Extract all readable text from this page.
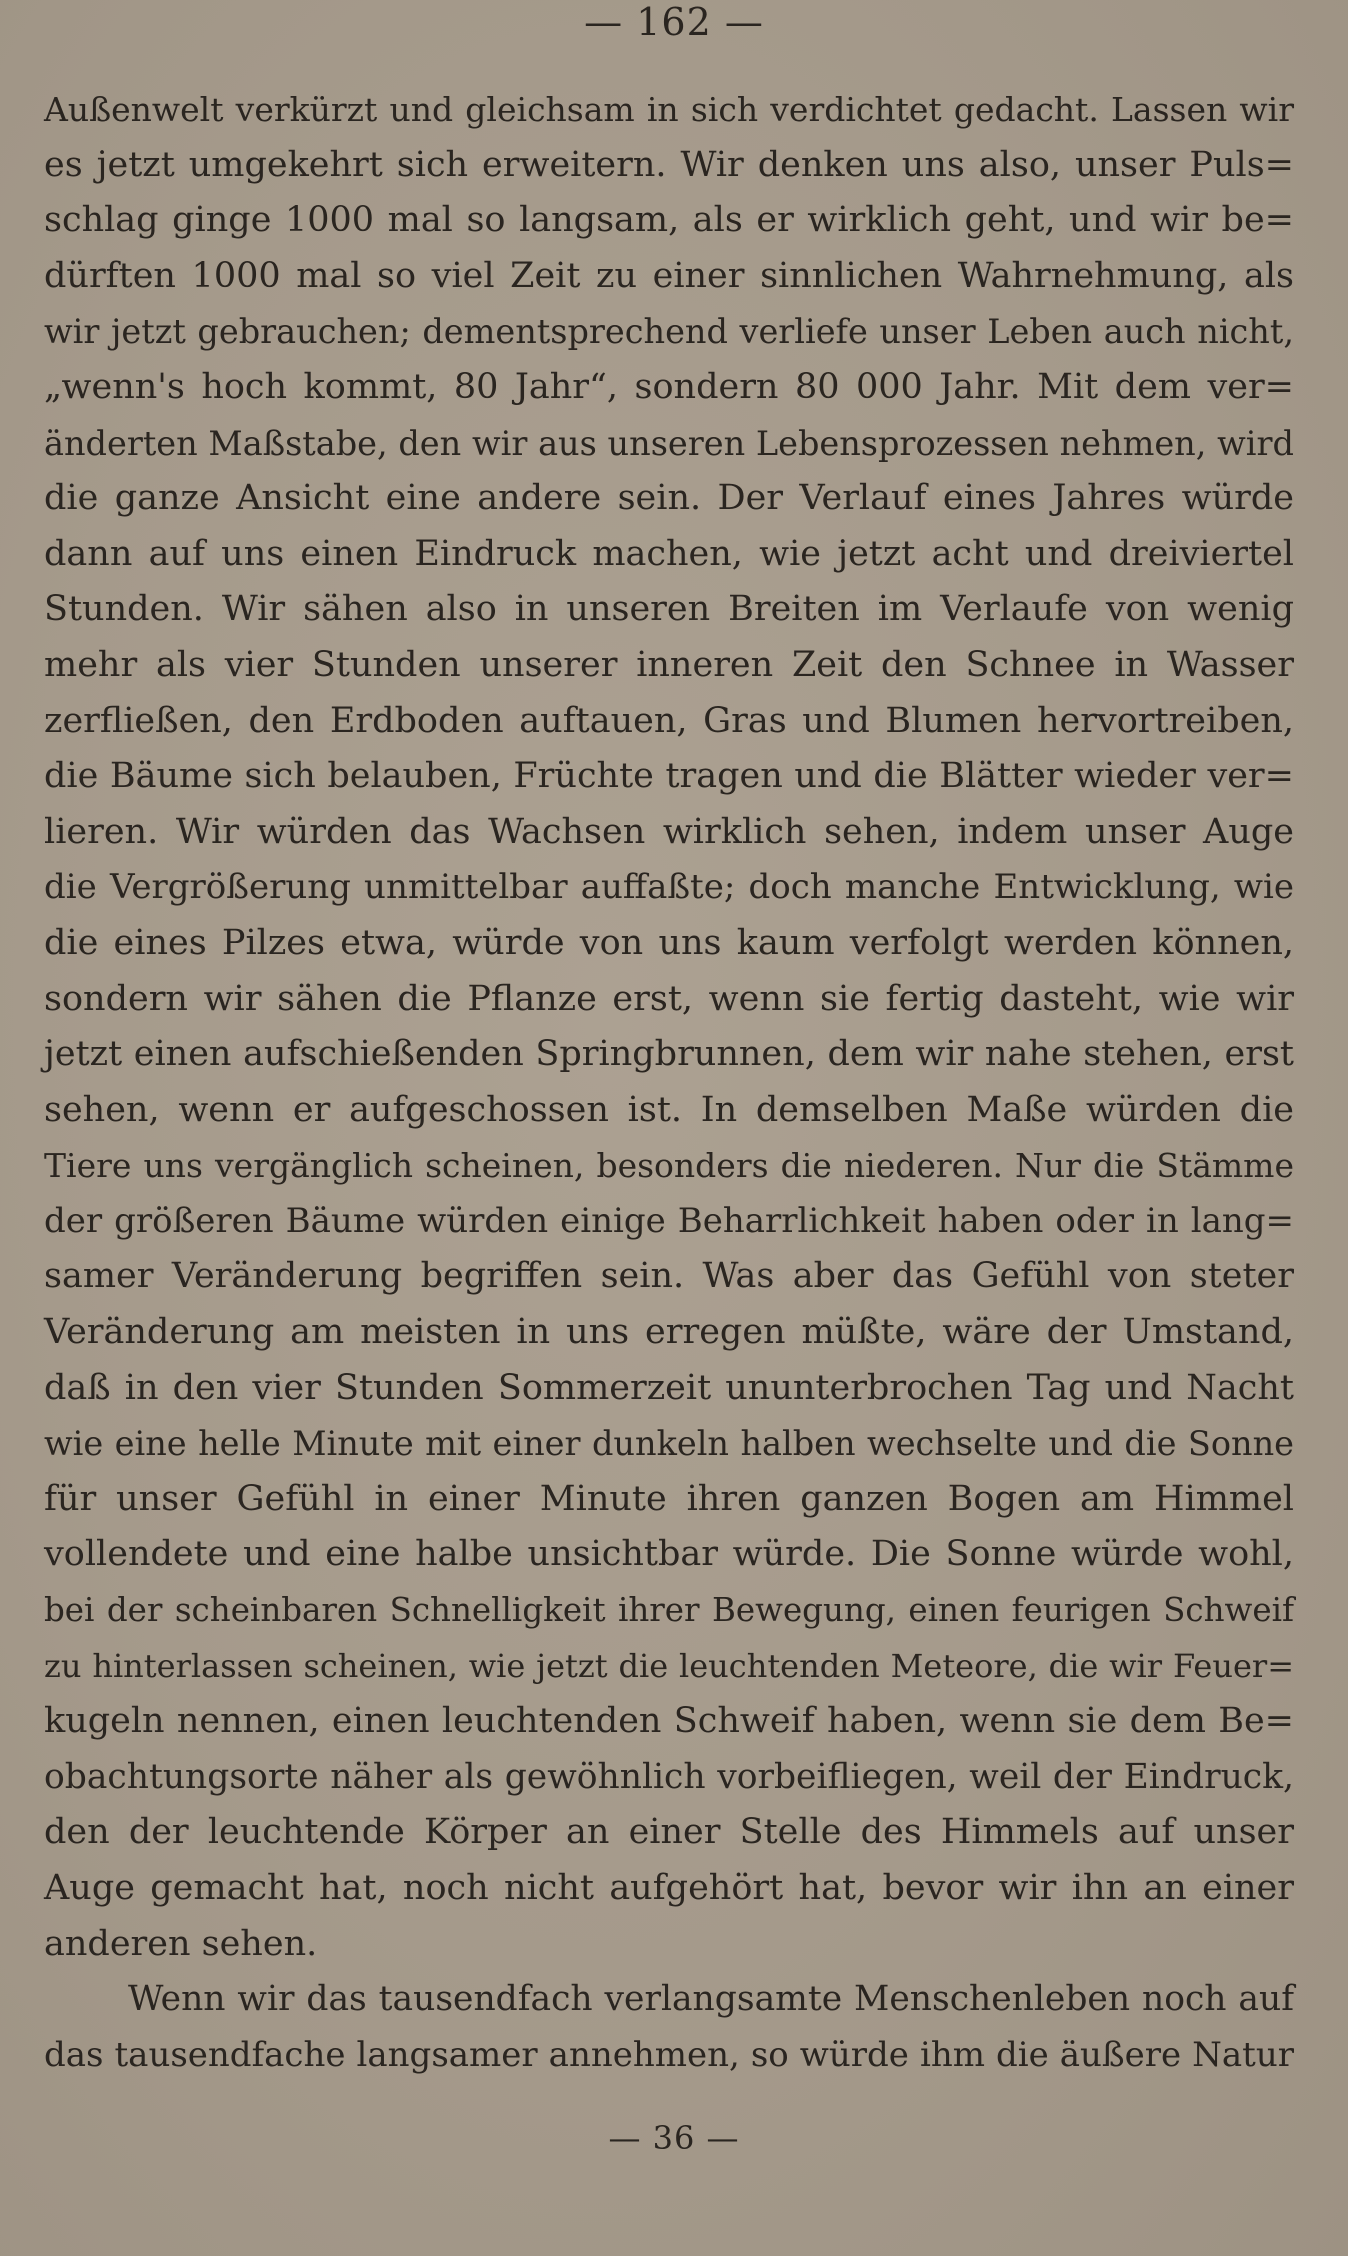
— 162 —
Außenwelt verkürzt und gleichsam in sich verdichtet gedacht. Lassen wir
es jetzt umgekehrt sich erweitern. Wir denken uns also, unser Puls=
schlag ginge 1000 mal so langsam, als er wirklich geht, und wir be=
dürften 1000 mal so viel Zeit zu einer sinnlichen Wahrnehmung, als
wir jetzt gebrauchen; dementsprechend verliefe unser Leben auch nicht,
„wenn's hoch kommt, 80 Jahr“, sondern 80 000 Jahr. Mit dem ver=
änderten Maßstabe, den wir aus unseren Lebensprozessen nehmen, wird
die ganze Ansicht eine andere sein. Der Verlauf eines Jahres würde
dann auf uns einen Eindruck machen, wie jetzt acht und dreiviertel
Stunden. Wir sähen also in unseren Breiten im Verlaufe von wenig
mehr als vier Stunden unserer inneren Zeit den Schnee in Wasser
zerfließen, den Erdboden auftauen, Gras und Blumen hervortreiben,
die Bäume sich belauben, Früchte tragen und die Blätter wieder ver=
lieren. Wir würden das Wachsen wirklich sehen, indem unser Auge
die Vergrößerung unmittelbar auffaßte; doch manche Entwicklung, wie
die eines Pilzes etwa, würde von uns kaum verfolgt werden können,
sondern wir sähen die Pflanze erst, wenn sie fertig dasteht, wie wir
jetzt einen aufschießenden Springbrunnen, dem wir nahe stehen, erst
sehen, wenn er aufgeschossen ist. In demselben Maße würden die
Tiere uns vergänglich scheinen, besonders die niederen. Nur die Stämme
der größeren Bäume würden einige Beharrlichkeit haben oder in lang=
samer Veränderung begriffen sein. Was aber das Gefühl von steter
Veränderung am meisten in uns erregen müßte, wäre der Umstand,
daß in den vier Stunden Sommerzeit ununterbrochen Tag und Nacht
wie eine helle Minute mit einer dunkeln halben wechselte und die Sonne
für unser Gefühl in einer Minute ihren ganzen Bogen am Himmel
vollendete und eine halbe unsichtbar würde. Die Sonne würde wohl,
bei der scheinbaren Schnelligkeit ihrer Bewegung, einen feurigen Schweif
zu hinterlassen scheinen, wie jetzt die leuchtenden Meteore, die wir Feuer=
kugeln nennen, einen leuchtenden Schweif haben, wenn sie dem Be=
obachtungsorte näher als gewöhnlich vorbeifliegen, weil der Eindruck,
den der leuchtende Körper an einer Stelle des Himmels auf unser
Auge gemacht hat, noch nicht aufgehört hat, bevor wir ihn an einer
anderen sehen.
Wenn wir das tausendfach verlangsamte Menschenleben noch auf
das tausendfache langsamer annehmen, so würde ihm die äußere Natur
— 36 —
